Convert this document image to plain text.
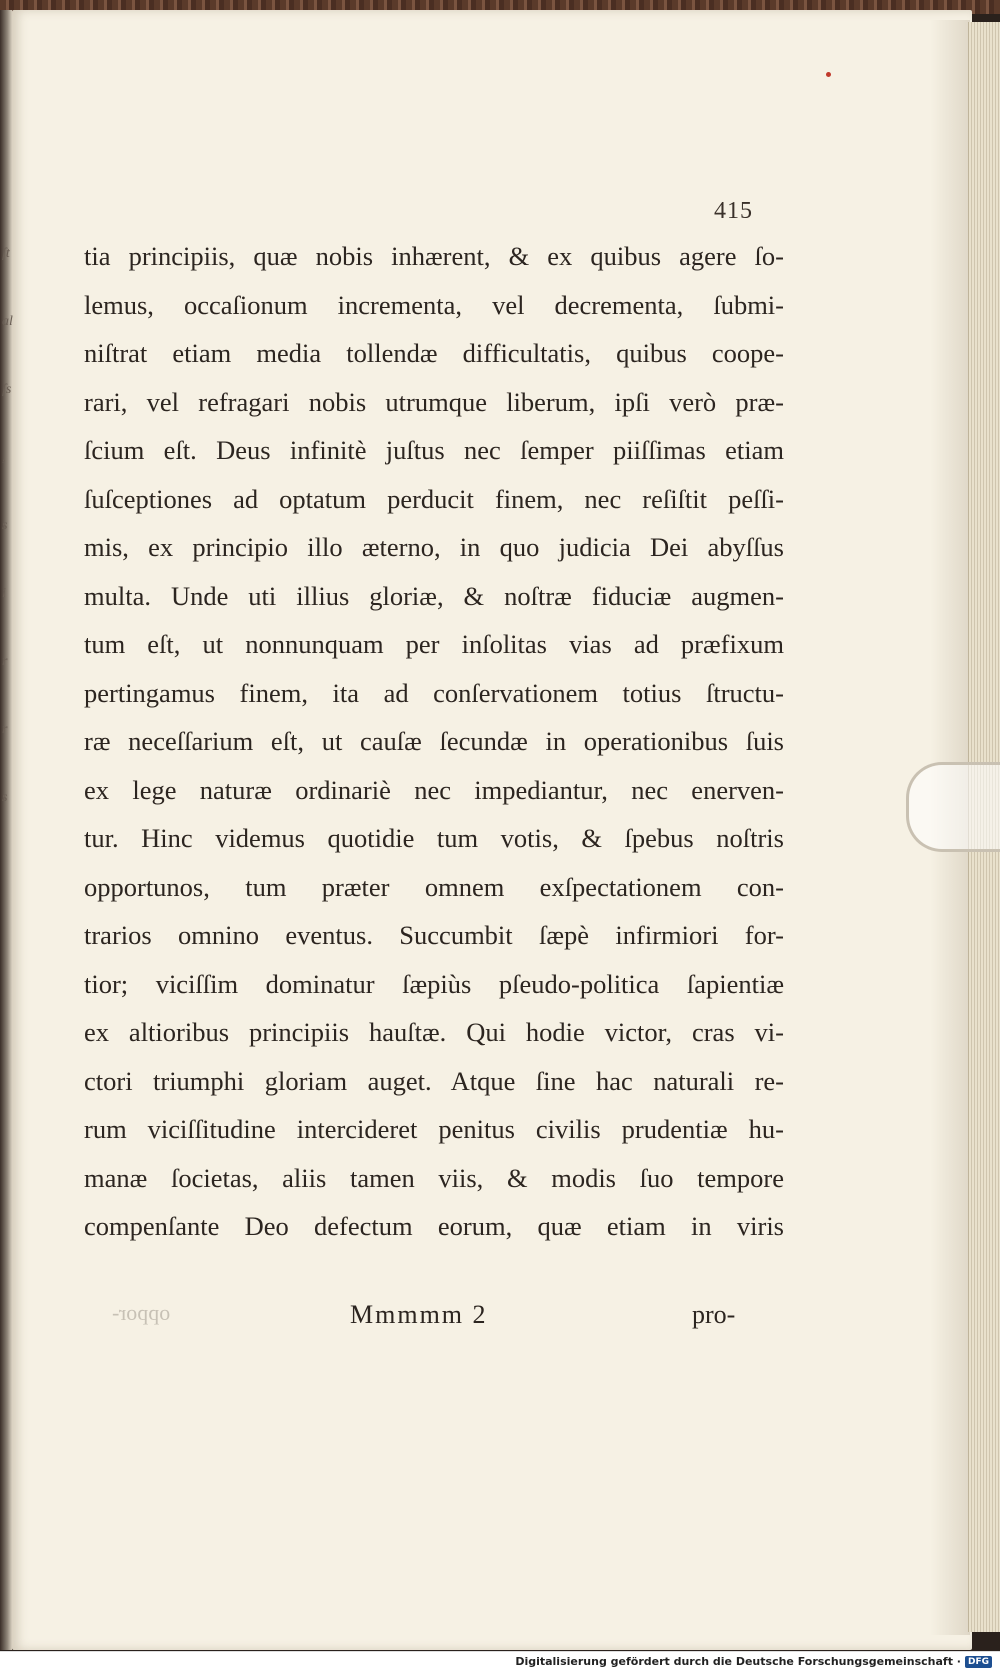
ſt
al
ſs
,
s
i
r
r
s
415
tia principiis, quæ nobis inhærent, & ex quibus agere ſo-
lemus, occaſionum incrementa, vel decrementa, ſubmi-
niſtrat etiam media tollendæ difficultatis, quibus coope-
rari, vel refragari nobis utrumque liberum, ipſi verò præ-
ſcium eſt. Deus infinitè juſtus nec ſemper piiſſimas etiam
ſuſceptiones ad optatum perducit finem, nec reſiſtit peſſi-
mis, ex principio illo æterno, in quo judicia Dei abyſſus
multa. Unde uti illius gloriæ, & noſtræ fiduciæ augmen-
tum eſt, ut nonnunquam per inſolitas vias ad præfixum
pertingamus finem, ita ad conſervationem totius ſtructu-
ræ neceſſarium eſt, ut cauſæ ſecundæ in operationibus ſuis
ex lege naturæ ordinariè nec impediantur, nec enerven-
tur. Hinc videmus quotidie tum votis, & ſpebus noſtris
opportunos, tum præter omnem exſpectationem con-
trarios omnino eventus. Succumbit ſæpè infirmiori for-
tior; viciſſim dominatur ſæpiùs pſeudo-politica ſapientiæ
ex altioribus principiis hauſtæ. Qui hodie victor, cras vi-
ctori triumphi gloriam auget. Atque ſine hac naturali re-
rum viciſſitudine intercideret penitus civilis prudentiæ hu-
manæ ſocietas, aliis tamen viis, & modis ſuo tempore
compenſante Deo defectum eorum, quæ etiam in viris
oppor-	Mmmmm 2	pro-
Digitalisierung gefördert durch die Deutsche Forschungsgemeinschaft · DFG
